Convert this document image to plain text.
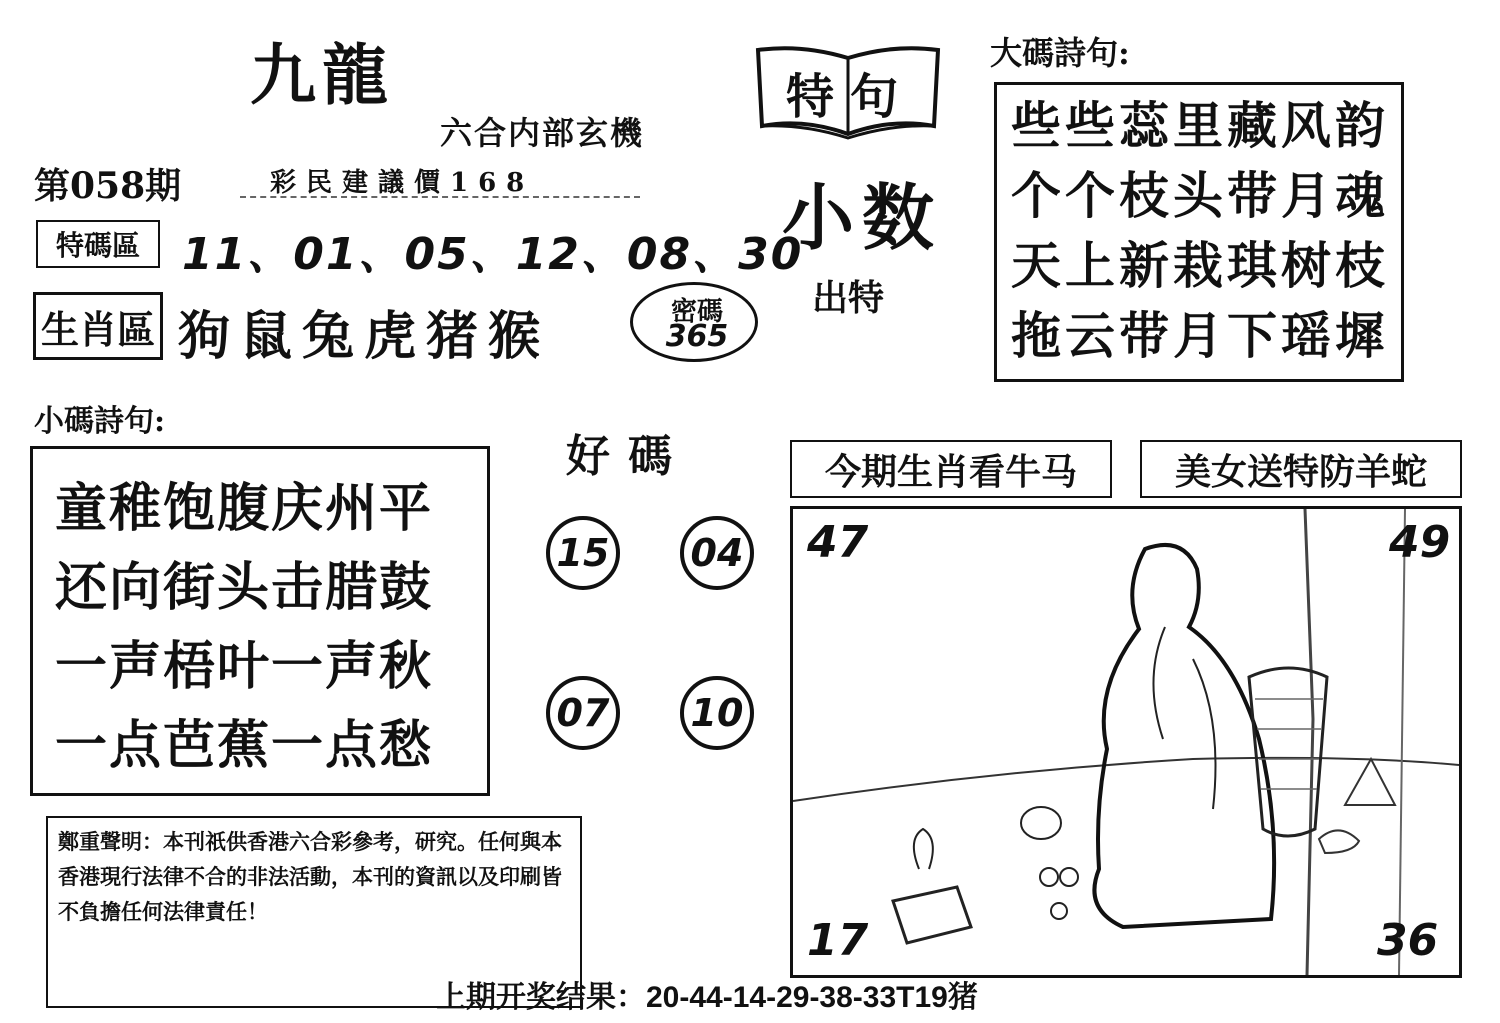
九龍
六合内部玄機
第058期	彩民建議價168
特碼區 11、01、05、12、08、30
生肖區 狗鼠兔虎猪猴	密碼
365
特句
小数
出特
大碼詩句:
些些蕊里藏风韵
个个枝头带月魂
天上新栽琪树枝
拖云带月下瑶墀
小碼詩句:
童稚饱腹庆州平
还向街头击腊鼓
一声梧叶一声秋
一点芭蕉一点愁
好碼
15 04
07 10
今期生肖看牛马	美女送特防羊蛇
47	49
17	36
鄭重聲明：本刊祇供香港六合彩參考，研究。任何與本香港現行法律不合的非法活動，本刊的資訊以及印刷皆不負擔任何法律責任！
上期开奖结果：20-44-14-29-38-33T19猪
